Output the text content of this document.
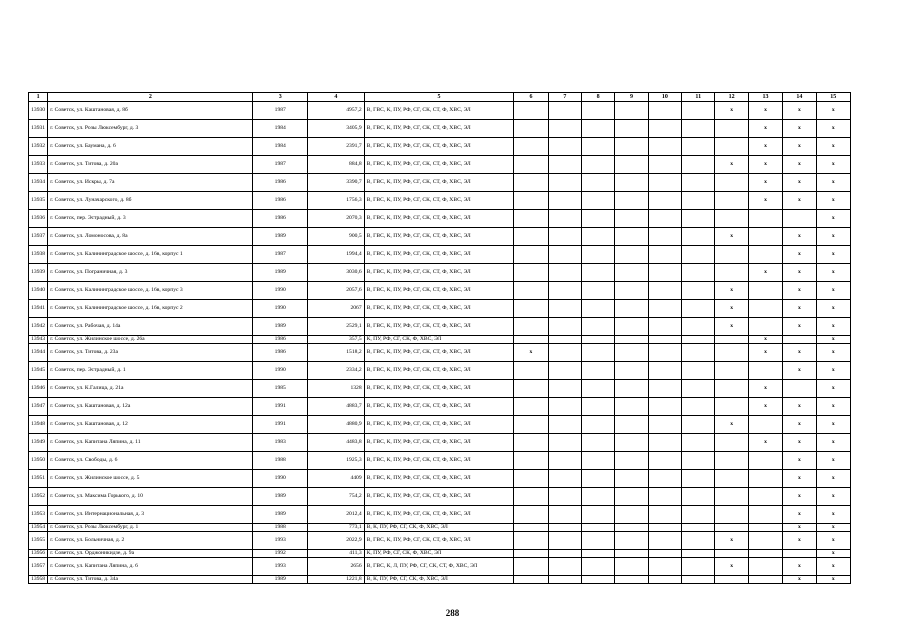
1	2	3	4	5	6	7	8	9	10	11	12	13	14	15
13930	г. Советск, ул. Каштановая, д. 8б	1987	4957,2	В, ГВС, К, ПУ, РФ, СГ, СК, СТ, Ф, ХВС, ЭЛ							х	х	х	х
13931	г. Советск, ул. Розы Люксембург, д. 3	1984	3405,9	В, ГВС, К, ПУ, РФ, СГ, СК, СТ, Ф, ХВС, ЭЛ								х	х	х
13932	г. Советск, ул. Баумана, д. 6	1984	2391,7	В, ГВС, К, ПУ, РФ, СГ, СК, СТ, Ф, ХВС, ЭЛ								х	х	х
13933	г. Советск, ул. Титова, д. 20а	1987	884,8	В, ГВС, К, ПУ, РФ, СГ, СК, СТ, Ф, ХВС, ЭЛ							х	х	х	х
13934	г. Советск, ул. Искры, д. 7а	1986	3390,7	В, ГВС, К, ПУ, РФ, СГ, СК, СТ, Ф, ХВС, ЭЛ								х	х	х
13935	г. Советск, ул. Луначарского, д. 8б	1986	1756,3	В, ГВС, К, ПУ, РФ, СГ, СК, СТ, Ф, ХВС, ЭЛ								х	х	х
13936	г. Советск, пер. Эстрадный, д. 3	1986	2070,3	В, ГВС, К, ПУ, РФ, СГ, СК, СТ, Ф, ХВС, ЭЛ										х
13937	г. Советск, ул. Ломоносова, д. 8а	1989	900,5	В, ГВС, К, ПУ, РФ, СГ, СК, СТ, Ф, ХВС, ЭЛ							х		х	х
13938	г. Советск, ул. Калининградское шоссе, д. 16в, корпус 1	1987	1994,4	В, ГВС, К, ПУ, РФ, СГ, СК, СТ, Ф, ХВС, ЭЛ									х	х
13939	г. Советск, ул. Пограничная, д. 3	1989	3030,6	В, ГВС, К, ПУ, РФ, СГ, СК, СТ, Ф, ХВС, ЭЛ								х	х	х
13940	г. Советск, ул. Калининградское шоссе, д. 16в, корпус 3	1990	2057,6	В, ГВС, К, ПУ, РФ, СГ, СК, СТ, Ф, ХВС, ЭЛ							х		х	х
13941	г. Советск, ул. Калининградское шоссе, д. 16в, корпус 2	1990	2067	В, ГВС, К, ПУ, РФ, СГ, СК, СТ, Ф, ХВС, ЭЛ							х		х	х
13942	г. Советск, ул. Рабочая, д. 14а	1989	2529,1	В, ГВС, К, ПУ, РФ, СГ, СК, СТ, Ф, ХВС, ЭЛ							х		х	х
13943	г. Советск, ул. Жилинское шоссе, д. 26а	1986	357,5	К, ПУ, РФ, СГ, СК, Ф, ХВС, ЭЛ								х		х
13944	г. Советск, ул. Титова, д. 23а	1986	1518,2	В, ГВС, К, ПУ, РФ, СГ, СК, СТ, Ф, ХВС, ЭЛ	х							х	х	х
13945	г. Советск, пер. Эстрадный, д. 1	1990	2334,2	В, ГВС, К, ПУ, РФ, СГ, СК, СТ, Ф, ХВС, ЭЛ									х	х
13946	г. Советск, ул. К.Галица, д. 21а	1985	1328	В, ГВС, К, ПУ, РФ, СГ, СК, СТ, Ф, ХВС, ЭЛ								х		х
13947	г. Советск, ул. Каштановая, д. 12а	1991	4883,7	В, ГВС, К, ПУ, РФ, СГ, СК, СТ, Ф, ХВС, ЭЛ								х	х	х
13948	г. Советск, ул. Каштановая, д. 12	1991	4880,9	В, ГВС, К, ПУ, РФ, СГ, СК, СТ, Ф, ХВС, ЭЛ							х		х	х
13949	г. Советск, ул. Капитана Ляпина, д. 11	1983	4483,8	В, ГВС, К, ПУ, РФ, СГ, СК, СТ, Ф, ХВС, ЭЛ								х	х	х
13950	г. Советск, ул. Свободы, д. 6	1988	1925,3	В, ГВС, К, ПУ, РФ, СГ, СК, СТ, Ф, ХВС, ЭЛ									х	х
13951	г. Советск, ул. Жилинское шоссе, д. 5	1990	4409	В, ГВС, К, ПУ, РФ, СГ, СК, СТ, Ф, ХВС, ЭЛ									х	х
13952	г. Советск, ул. Максима Горького, д. 10	1989	754,2	В, ГВС, К, ПУ, РФ, СГ, СК, СТ, Ф, ХВС, ЭЛ									х	х
13953	г. Советск, ул. Интернациональная, д. 3	1989	2012,4	В, ГВС, К, ПУ, РФ, СГ, СК, СТ, Ф, ХВС, ЭЛ									х	х
13954	г. Советск, ул. Розы Люксембург, д. 1	1988	773,1	В, К, ПУ, РФ, СГ, СК, Ф, ХВС, ЭЛ									х	х
13955	г. Советск, ул. Больничная, д. 2	1993	2022,9	В, ГВС, К, ПУ, РФ, СГ, СК, СТ, Ф, ХВС, ЭЛ							х		х	х
13956	г. Советск, ул. Орджоникидзе, д. 9а	1992	411,3	К, ПУ, РФ, СГ, СК, Ф, ХВС, ЭЛ										х
13957	г. Советск, ул. Капитана Ляпина, д. 6	1993	2656	В, ГВС, К, Л, ПУ, РФ, СГ, СК, СТ, Ф, ХВС, ЭЛ							х		х	х
13958	г. Советск, ул. Титова, д. 34а	1989	1221,8	В, К, ПУ, РФ, СГ, СК, Ф, ХВС, ЭЛ									х	х
288
